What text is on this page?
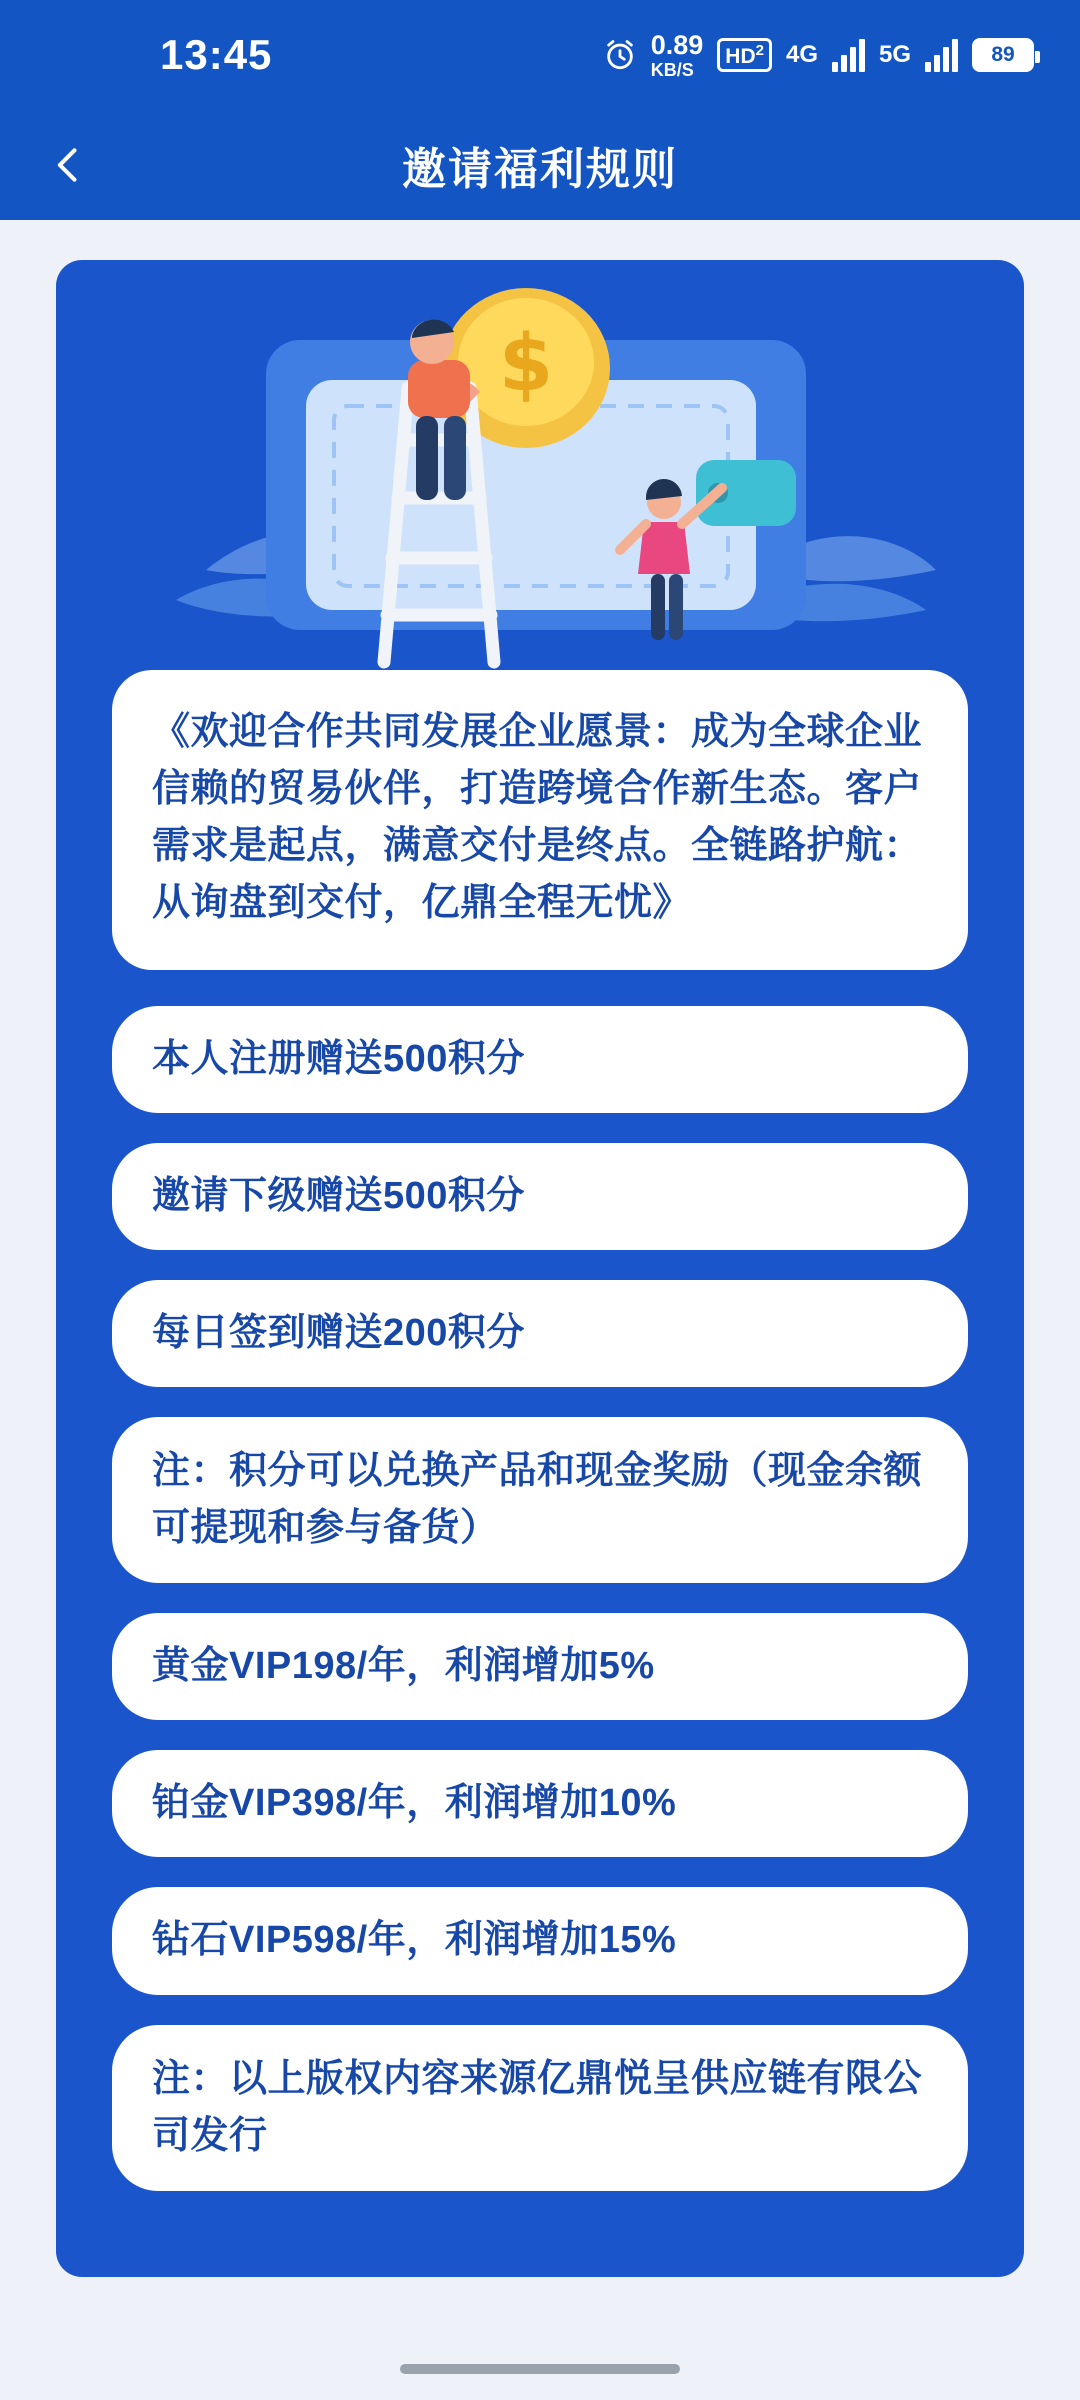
13:45	0.89
KB/S
$HD^2$ 4G	5G	89
邀请福利规则
$
《欢迎合作共同发展企业愿景：成为全球企业信赖的贸易伙伴，打造跨境合作新生态。客户需求是起点，满意交付是终点。全链路护航：从询盘到交付，亿鼎全程无忧》
本人注册赠送500积分
邀请下级赠送500积分
每日签到赠送200积分
注：积分可以兑换产品和现金奖励（现金余额可提现和参与备货）
黄金VIP198/年，利润增加5%
铂金VIP398/年，利润增加10%
钻石VIP598/年，利润增加15%
注：以上版权内容来源亿鼎悦呈供应链有限公司发行
